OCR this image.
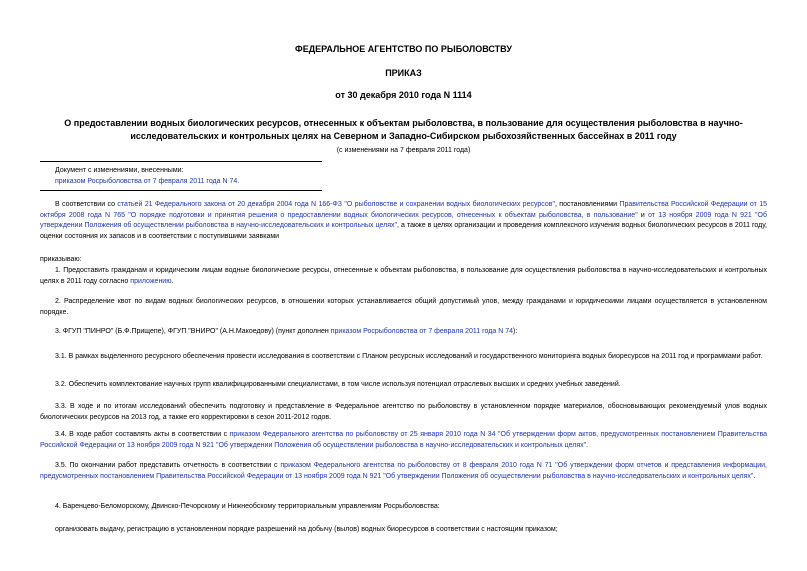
ФЕДЕРАЛЬНОЕ АГЕНТСТВО ПО РЫБОЛОВСТВУ
ПРИКАЗ
от 30 декабря 2010 года N 1114
О предоставлении водных биологических ресурсов, отнесенных к объектам рыболовства, в пользование для осуществления рыболовства в научно-
исследовательских и контрольных целях на Северном и Западно-Сибирском рыбохозяйственных бассейнах в 2011 году
(с изменениями на 7 февраля 2011 года)
Документ с изменениями, внесенными:
приказом Росрыболовства от 7 февраля 2011 года N 74.
В соответствии со статьей 21 Федерального закона от 20 декабря 2004 года N 166-ФЗ "О рыболовстве и сохранении водных биологических ресурсов", постановлениями Правительства Российской Федерации от 15 октября 2008 года N 765 "О порядке подготовки и принятия решения о предоставлении водных биологических ресурсов, отнесенных к объектам рыболовства, в пользование" и от 13 ноября 2009 года N 921 "Об утверждении Положения об осуществлении рыболовства в научно-исследовательских и контрольных целях", а также в целях организации и проведения комплексного изучения водных биологических ресурсов в 2011 году, оценки состояния их запасов и в соответствии с поступившими заявками
приказываю:
1. Предоставить гражданам и юридическим лицам водные биологические ресурсы, отнесенные к объектам рыболовства, в пользование для осуществления рыболовства в научно-исследовательских и контрольных целях в 2011 году согласно приложению.
2. Распределение квот по видам водных биологических ресурсов, в отношении которых устанавливается общий допустимый улов, между гражданами и юридическими лицами осуществляется в установленном порядке.
3. ФГУП "ПИНРО" (Б.Ф.Прищепе), ФГУП "ВНИРО" (А.Н.Макоедову) (пункт дополнен приказом Росрыболовства от 7 февраля 2011 года N 74):
3.1. В рамках выделенного ресурсного обеспечения провести исследования в соответствии с Планом ресурсных исследований и государственного мониторинга водных биоресурсов на 2011 год и программами работ.
3.2. Обеспечить комплектование научных групп квалифицированными специалистами, в том числе используя потенциал отраслевых высших и средних учебных заведений.
3.3. В ходе и по итогам исследований обеспечить подготовку и представление в Федеральное агентство по рыболовству в установленном порядке материалов, обосновывающих рекомендуемый улов водных биологических ресурсов на 2013 год, а также его корректировки в сезон 2011-2012 годов.
3.4. В ходе работ составлять акты в соответствии с приказом Федерального агентства по рыболовству от 25 января 2010 года N 34 "Об утверждении форм актов, предусмотренных постановлением Правительства Российской Федерации от 13 ноября 2009 года N 921 "Об утверждении Положения об осуществлении рыболовства в научно-исследовательских и контрольных целях".
3.5. По окончании работ представить отчетность в соответствии с приказом Федерального агентства по рыболовству от 8 февраля 2010 года N 71 "Об утверждении форм отчетов и представления информации, предусмотренных постановлением Правительства Российской Федерации от 13 ноября 2009 года N 921 "Об утверждении Положения об осуществлении рыболовства в научно-исследовательских и контрольных целях".
4. Баренцево-Беломорскому, Двинско-Печорскому и Нижнеобскому территориальным управлениям Росрыболовства:
организовать выдачу, регистрацию в установленном порядке разрешений на добычу (вылов) водных биоресурсов в соответствии с настоящим приказом;
